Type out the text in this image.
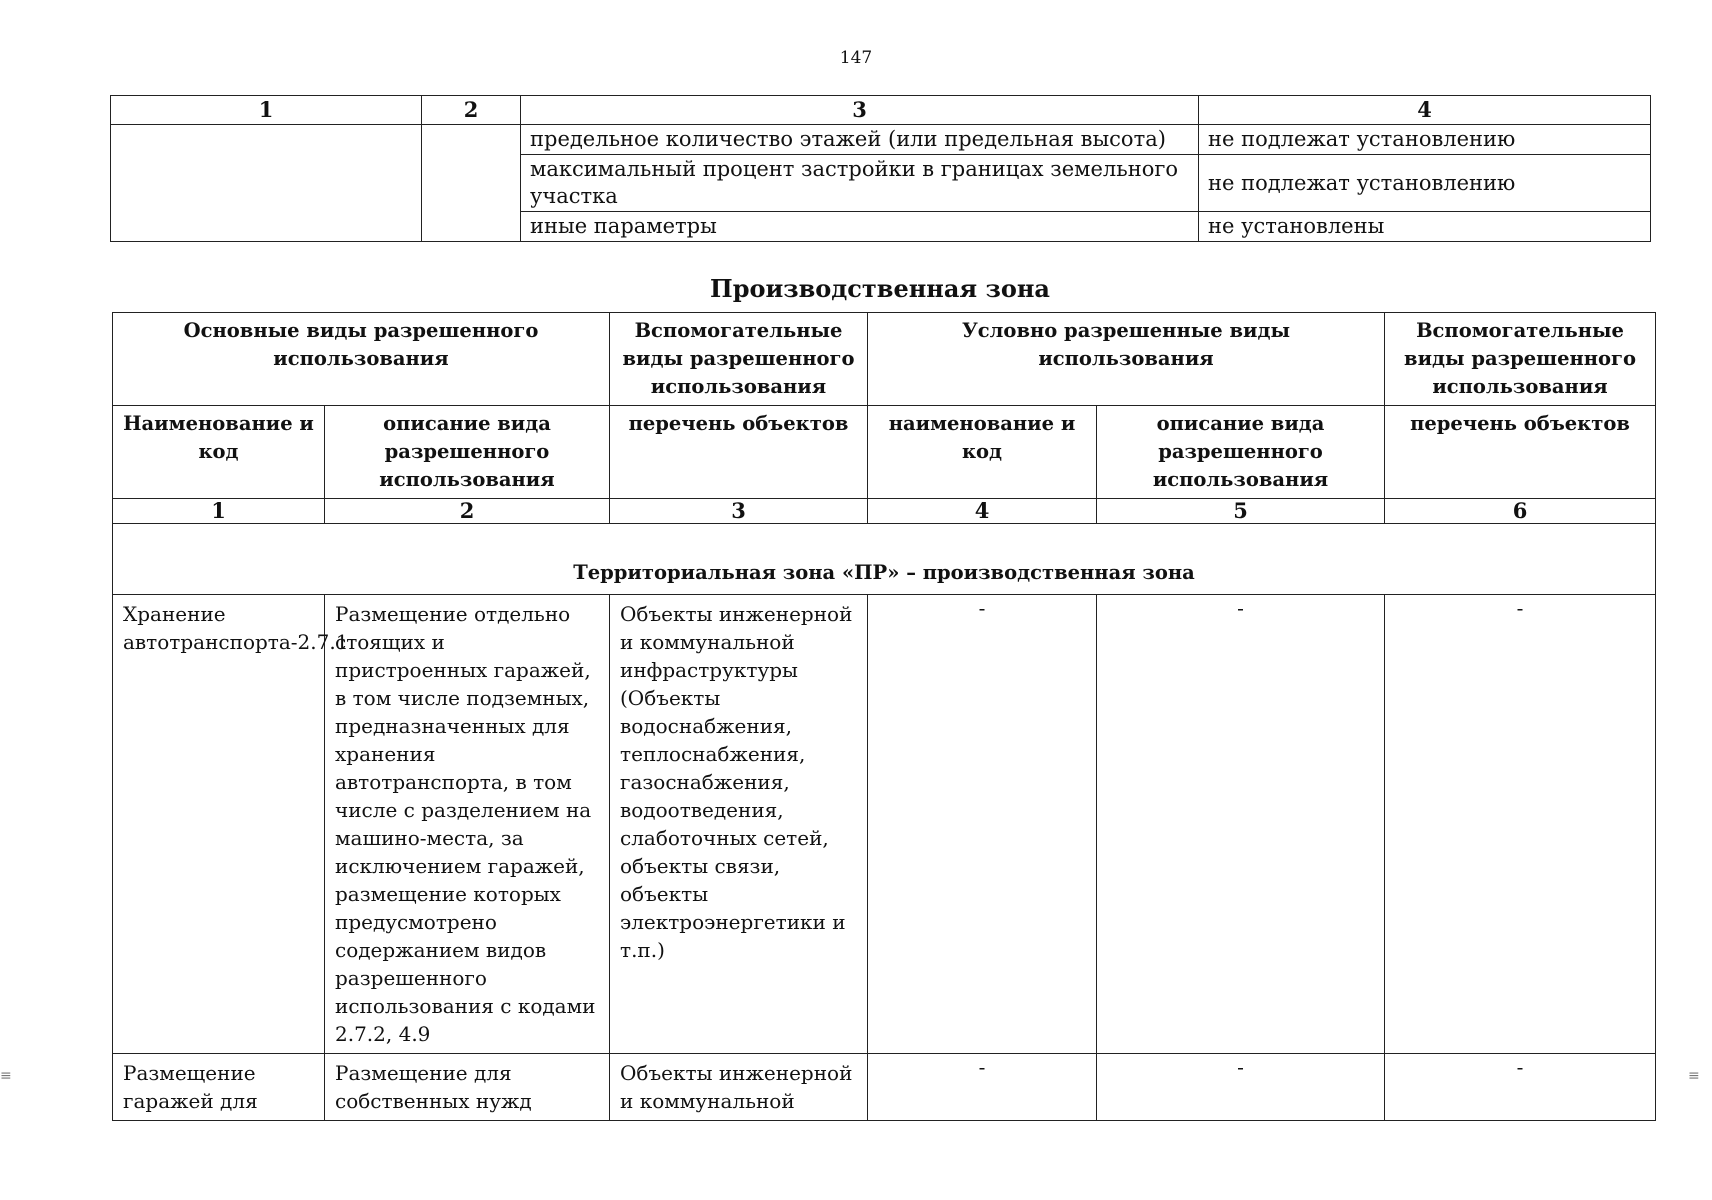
147
1	2	3	4
		предельное количество этажей (или предельная высота)	не подлежат установлению
		максимальный процент застройки в границах земельного участка	не подлежат установлению
		иные параметры	не установлены
Производственная зона
Основные виды разрешенного использования		Вспомогательные виды разрешенного использования	Условно разрешенные виды использования		Вспомогательные виды разрешенного использования
Наименование и код	описание вида разрешенного использования	перечень объектов	наименование и код	описание вида разрешенного использования	перечень объектов
1	2	3	4	5	6
Территориальная зона «ПР» – производственная зона					
Хранение автотранспорта-2.7.1	Размещение отдельно стоящих и пристроенных гаражей, в том числе подземных, предназначенных для хранения автотранспорта, в том числе с разделением на машино-места, за исключением гаражей, размещение которых предусмотрено содержанием видов разрешенного использования с кодами 2.7.2, 4.9	Объекты инженерной и коммунальной инфраструктуры (Объекты водоснабжения, теплоснабжения, газоснабжения, водоотведения, слаботочных сетей, объекты связи, объекты электроэнергетики и т.п.)	-	-	-
Размещение гаражей для	Размещение для собственных нужд	Объекты инженерной и коммунальной	-	-	-
≡	≡
